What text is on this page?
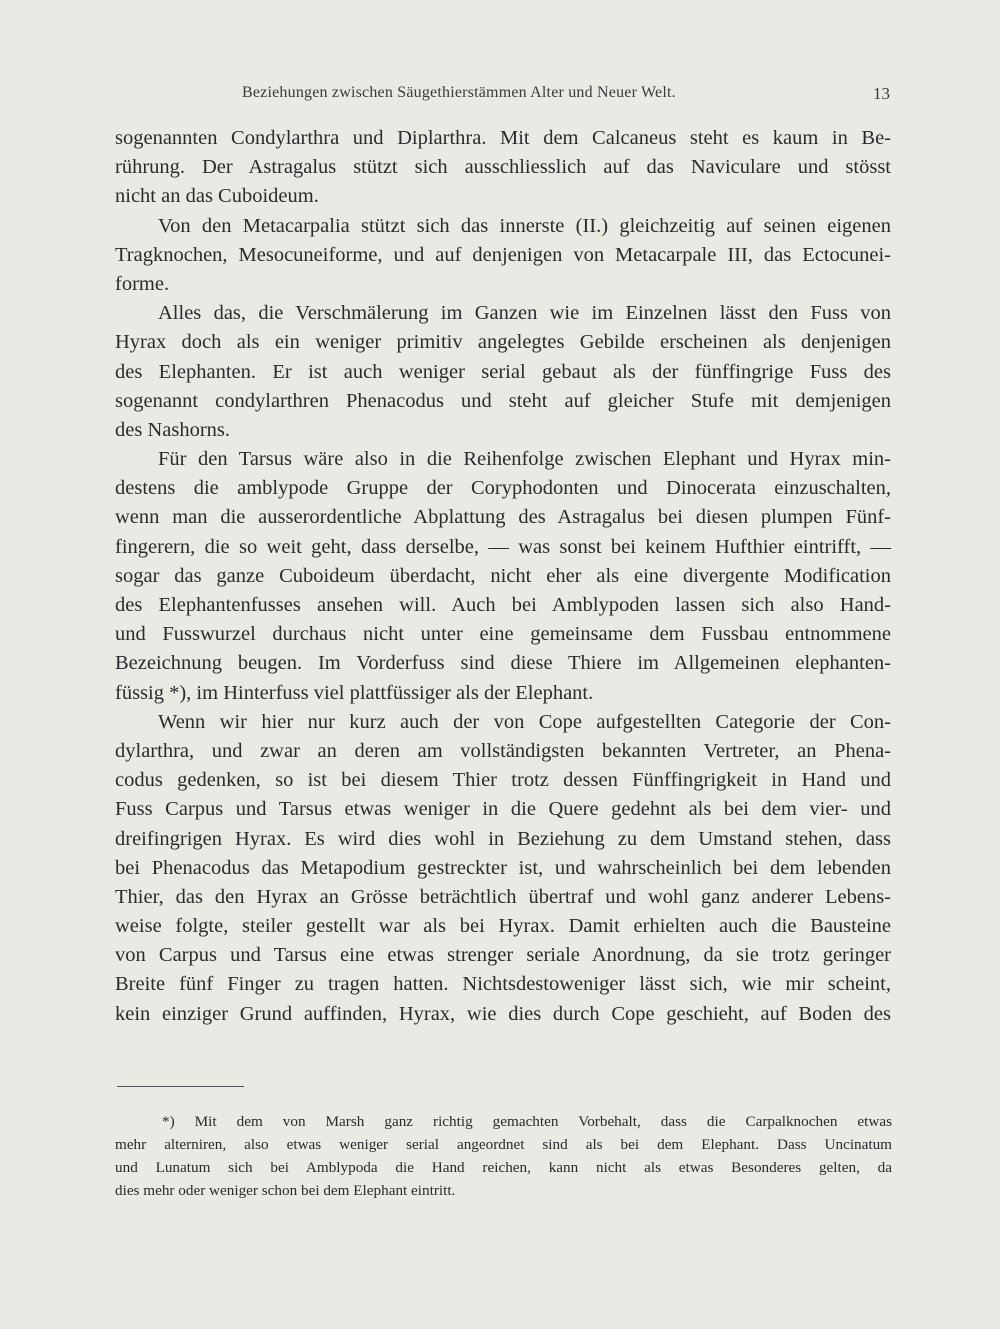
Beziehungen zwischen Säugethierstämmen Alter und Neuer Welt.	13
sogenannten Condylarthra und Diplarthra. Mit dem Calcaneus steht es kaum in Be-
rührung. Der Astragalus stützt sich ausschliesslich auf das Naviculare und stösst
nicht an das Cuboideum.
Von den Metacarpalia stützt sich das innerste (II.) gleichzeitig auf seinen eigenen
Tragknochen, Mesocuneiforme, und auf denjenigen von Metacarpale III, das Ectocunei-
forme.
Alles das, die Verschmälerung im Ganzen wie im Einzelnen lässt den Fuss von
Hyrax doch als ein weniger primitiv angelegtes Gebilde erscheinen als denjenigen
des Elephanten. Er ist auch weniger serial gebaut als der fünffingrige Fuss des
sogenannt condylarthren Phenacodus und steht auf gleicher Stufe mit demjenigen
des Nashorns.
Für den Tarsus wäre also in die Reihenfolge zwischen Elephant und Hyrax min-
destens die amblypode Gruppe der Coryphodonten und Dinocerata einzuschalten,
wenn man die ausserordentliche Abplattung des Astragalus bei diesen plumpen Fünf-
fingerern, die so weit geht, dass derselbe, — was sonst bei keinem Hufthier eintrifft, —
sogar das ganze Cuboideum überdacht, nicht eher als eine divergente Modification
des Elephantenfusses ansehen will. Auch bei Amblypoden lassen sich also Hand-
und Fusswurzel durchaus nicht unter eine gemeinsame dem Fussbau entnommene
Bezeichnung beugen. Im Vorderfuss sind diese Thiere im Allgemeinen elephanten-
füssig *), im Hinterfuss viel plattfüssiger als der Elephant.
Wenn wir hier nur kurz auch der von Cope aufgestellten Categorie der Con-
dylarthra, und zwar an deren am vollständigsten bekannten Vertreter, an Phena-
codus gedenken, so ist bei diesem Thier trotz dessen Fünffingrigkeit in Hand und
Fuss Carpus und Tarsus etwas weniger in die Quere gedehnt als bei dem vier- und
dreifingrigen Hyrax. Es wird dies wohl in Beziehung zu dem Umstand stehen, dass
bei Phenacodus das Metapodium gestreckter ist, und wahrscheinlich bei dem lebenden
Thier, das den Hyrax an Grösse beträchtlich übertraf und wohl ganz anderer Lebens-
weise folgte, steiler gestellt war als bei Hyrax. Damit erhielten auch die Bausteine
von Carpus und Tarsus eine etwas strenger seriale Anordnung, da sie trotz geringer
Breite fünf Finger zu tragen hatten. Nichtsdestoweniger lässt sich, wie mir scheint,
kein einziger Grund auffinden, Hyrax, wie dies durch Cope geschieht, auf Boden des
*) Mit dem von Marsh ganz richtig gemachten Vorbehalt, dass die Carpalknochen etwas
mehr alterniren, also etwas weniger serial angeordnet sind als bei dem Elephant. Dass Uncinatum
und Lunatum sich bei Amblypoda die Hand reichen, kann nicht als etwas Besonderes gelten, da
dies mehr oder weniger schon bei dem Elephant eintritt.
